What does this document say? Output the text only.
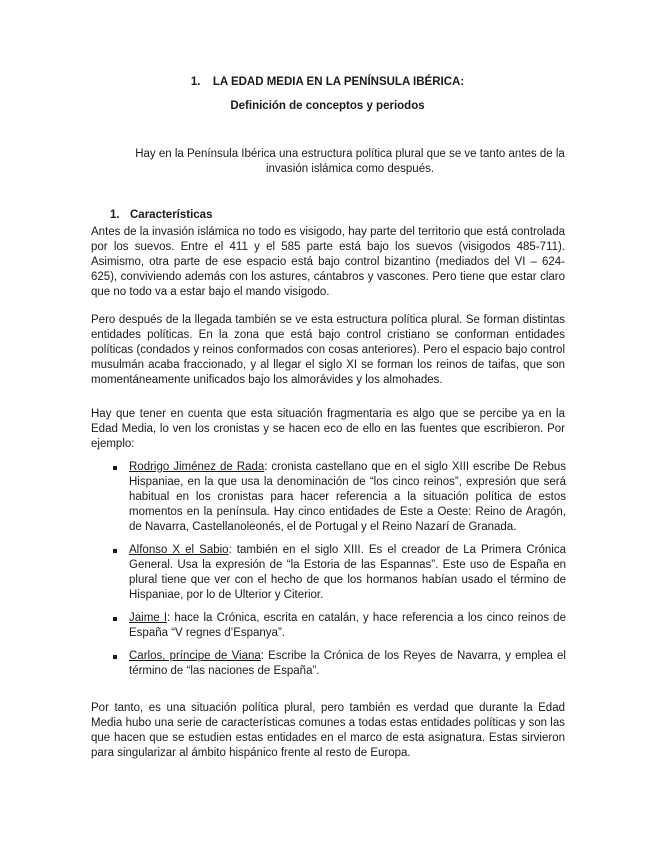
1. LA EDAD MEDIA EN LA PENÍNSULA IBÉRICA:
Definición de conceptos y periodos
Hay en la Península Ibérica una estructura política plural que se ve tanto antes de la invasión islámica como después.
1. Características

Antes de la invasión islámica no todo es visigodo, hay parte del territorio que está controlada por los suevos. Entre el 411 y el 585 parte está bajo los suevos (visigodos 485-711). Asimismo, otra parte de ese espacio está bajo control bizantino (mediados del VI – 624-625), conviviendo además con los astures, cántabros y vascones. Pero tiene que estar claro que no todo va a estar bajo el mando visigodo.

Pero después de la llegada también se ve esta estructura política plural. Se forman distintas entidades políticas. En la zona que está bajo control cristiano se conforman entidades políticas (condados y reinos conformados con cosas anteriores). Pero el espacio bajo control musulmán acaba fraccionado, y al llegar el siglo XI se forman los reinos de taifas, que son momentáneamente unificados bajo los almorávides y los almohades.

Hay que tener en cuenta que esta situación fragmentaria es algo que se percibe ya en la Edad Media, lo ven los cronistas y se hacen eco de ello en las fuentes que escribieron. Por ejemplo:

Rodrigo Jiménez de Rada: cronista castellano que en el siglo XIII escribe De Rebus Hispaniae, en la que usa la denominación de “los cinco reinos”, expresión que será habitual en los cronistas para hacer referencia a la situación política de estos momentos en la península. Hay cinco entidades de Este a Oeste: Reino de Aragón, de Navarra, Castellanoleonés, el de Portugal y el Reino Nazarí de Granada.
Alfonso X el Sabio: también en el siglo XIII. Es el creador de La Primera Crónica General. Usa la expresión de “la Estoria de las Espannas”. Este uso de España en plural tiene que ver con el hecho de que los hormanos habían usado el término de Hispaniae, por lo de Ulterior y Citerior.
Jaime I: hace la Crónica, escrita en catalán, y hace referencia a los cinco reinos de España “V regnes d’Espanya”.
Carlos, príncipe de Viana: Escribe la Crónica de los Reyes de Navarra, y emplea el término de “las naciones de España”.

Por tanto, es una situación política plural, pero también es verdad que durante la Edad Media hubo una serie de características comunes a todas estas entidades políticas y son las que hacen que se estudien estas entidades en el marco de esta asignatura. Estas sirvieron para singularizar al ámbito hispánico frente al resto de Europa.
